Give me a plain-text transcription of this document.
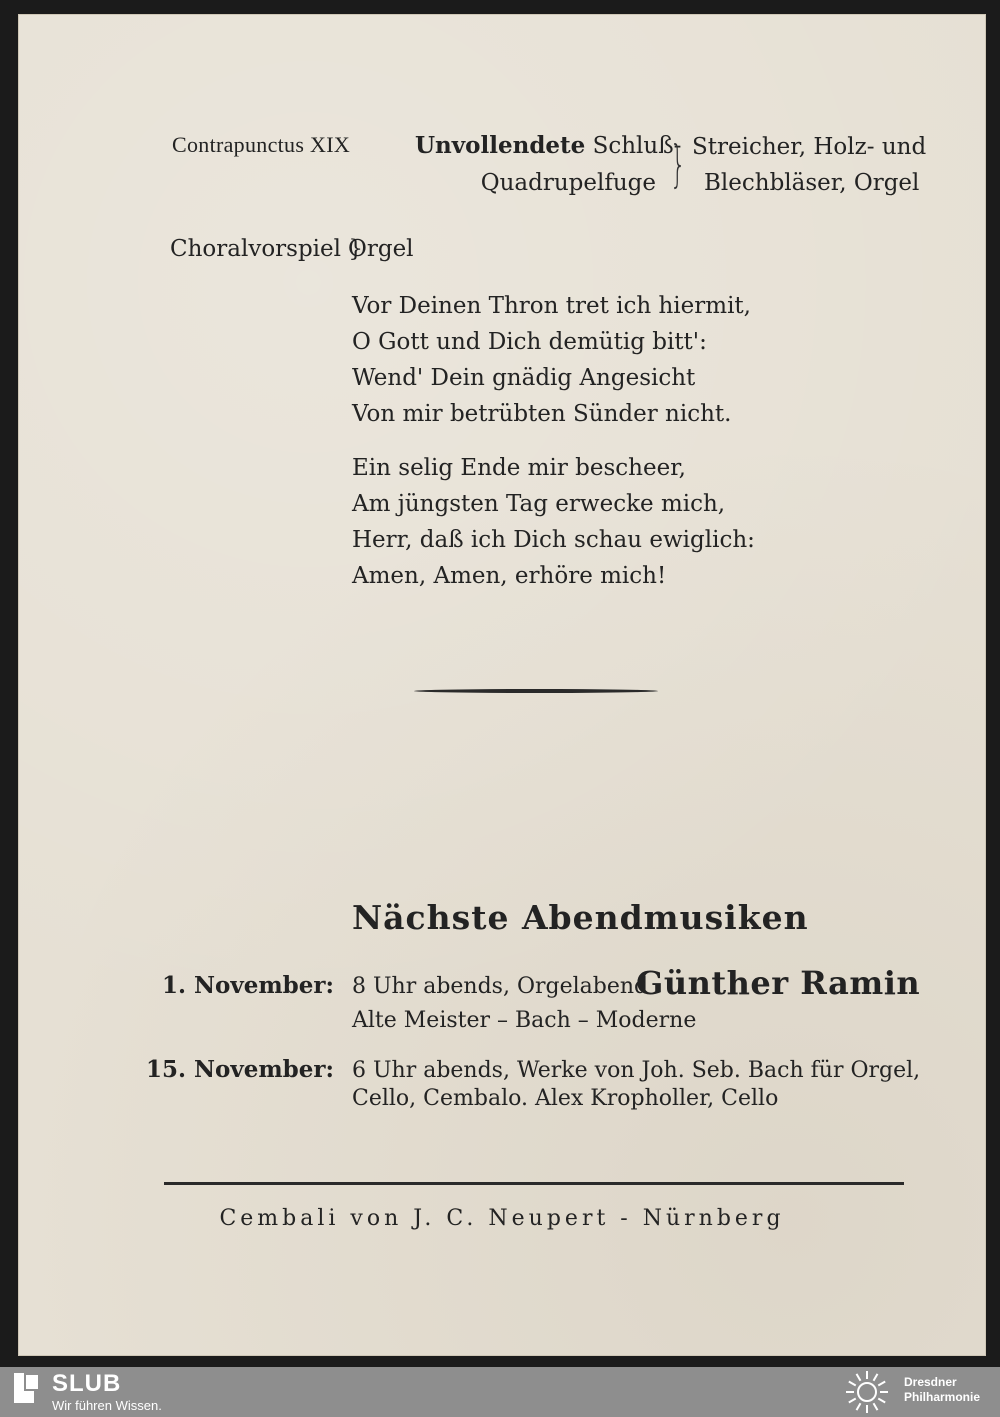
Contrapunctus XIX	Unvollendete Schluß-
Quadrupelfuge } Streicher, Holz- und
Blechbläser, Orgel
Choralvorspiel }
Orgel
Vor Deinen Thron tret ich hiermit,
O Gott und Dich demütig bitt':
Wend' Dein gnädig Angesicht
Von mir betrübten Sünder nicht.
Ein selig Ende mir bescheer,
Am jüngsten Tag erwecke mich,
Herr, daß ich Dich schau ewiglich:
Amen, Amen, erhöre mich!
Nächste Abendmusiken
1. November: 8 Uhr abends, Orgelabend
Günther Ramin
Alte Meister – Bach – Moderne
15. November: 6 Uhr abends, Werke von Joh. Seb. Bach für Orgel,
Cello, Cembalo. Alex Kropholler, Cello
Cembali von J. C. Neupert - Nürnberg
SLUB
Wir führen Wissen.
Dresdner
Philharmonie
